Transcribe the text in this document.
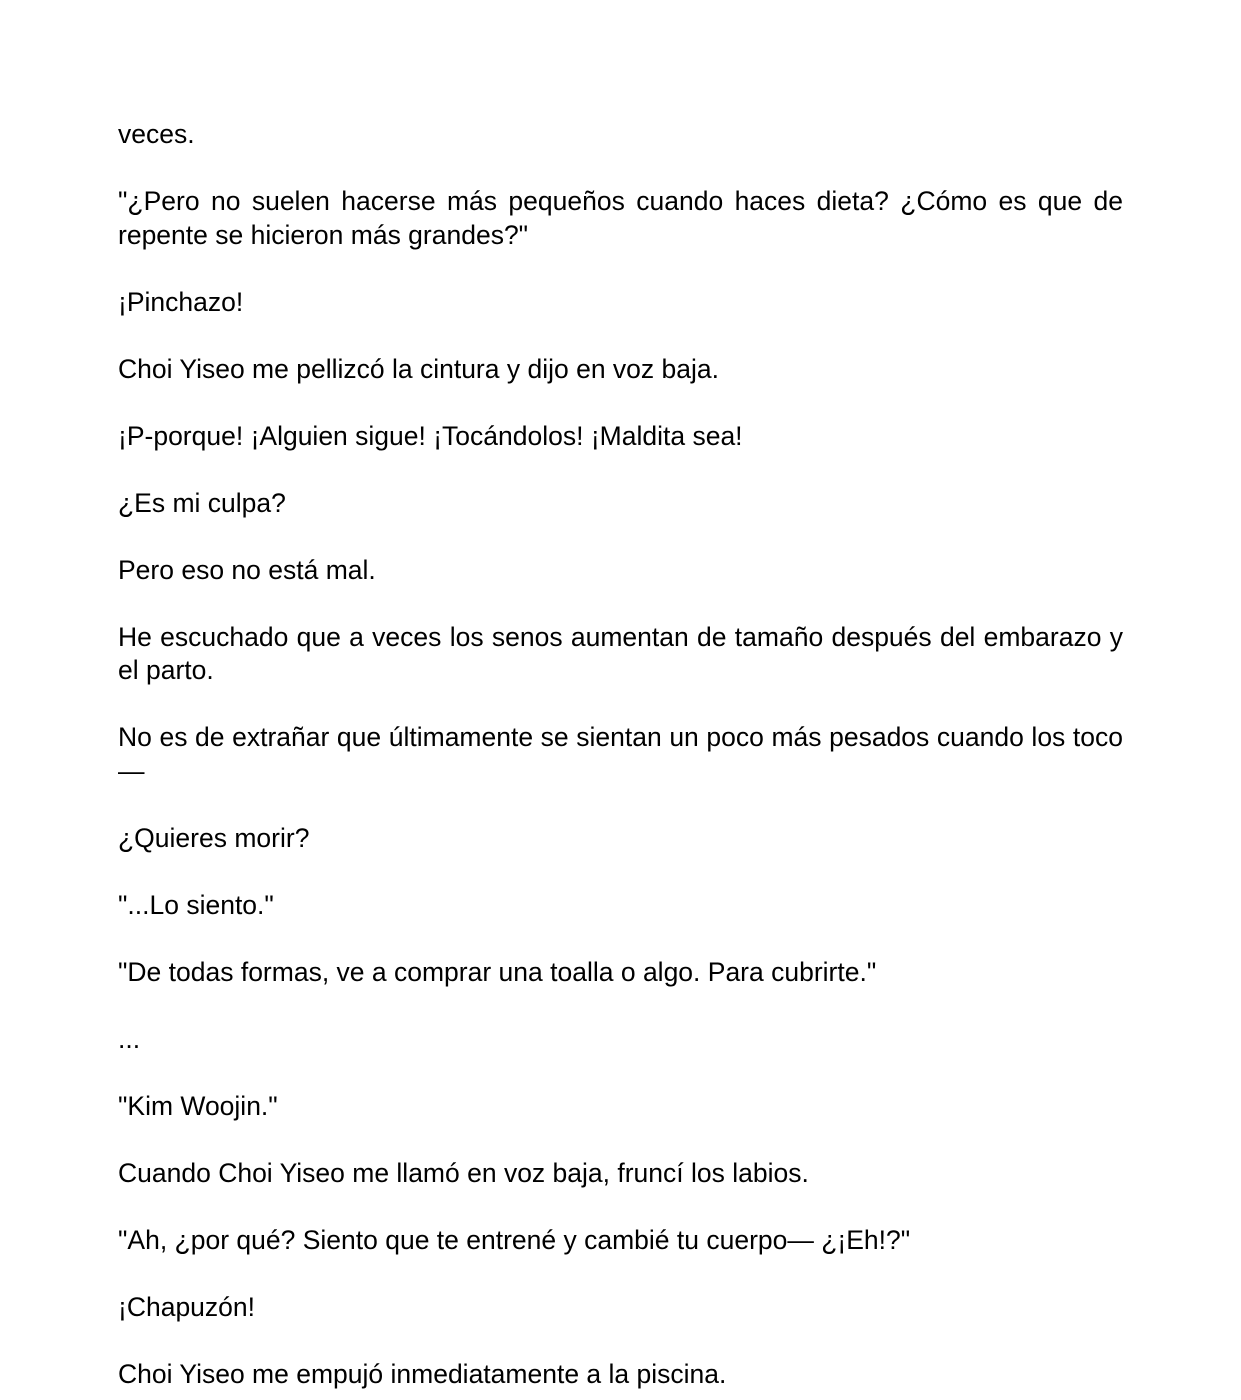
veces.

"¿Pero no suelen hacerse más pequeños cuando haces dieta? ¿Cómo es que de repente se hicieron más grandes?"

¡Pinchazo!

Choi Yiseo me pellizcó la cintura y dijo en voz baja.

¡P-porque! ¡Alguien sigue! ¡Tocándolos! ¡Maldita sea!

¿Es mi culpa?

Pero eso no está mal.

He escuchado que a veces los senos aumentan de tamaño después del embarazo y el parto.

No es de extrañar que últimamente se sientan un poco más pesados cuando los toco—

¿Quieres morir?

"...Lo siento."

"De todas formas, ve a comprar una toalla o algo. Para cubrirte."

...

"Kim Woojin."

Cuando Choi Yiseo me llamó en voz baja, fruncí los labios.

"Ah, ¿por qué? Siento que te entrené y cambié tu cuerpo— ¿¡Eh!?"

¡Chapuzón!

Choi Yiseo me empujó inmediatamente a la piscina.
